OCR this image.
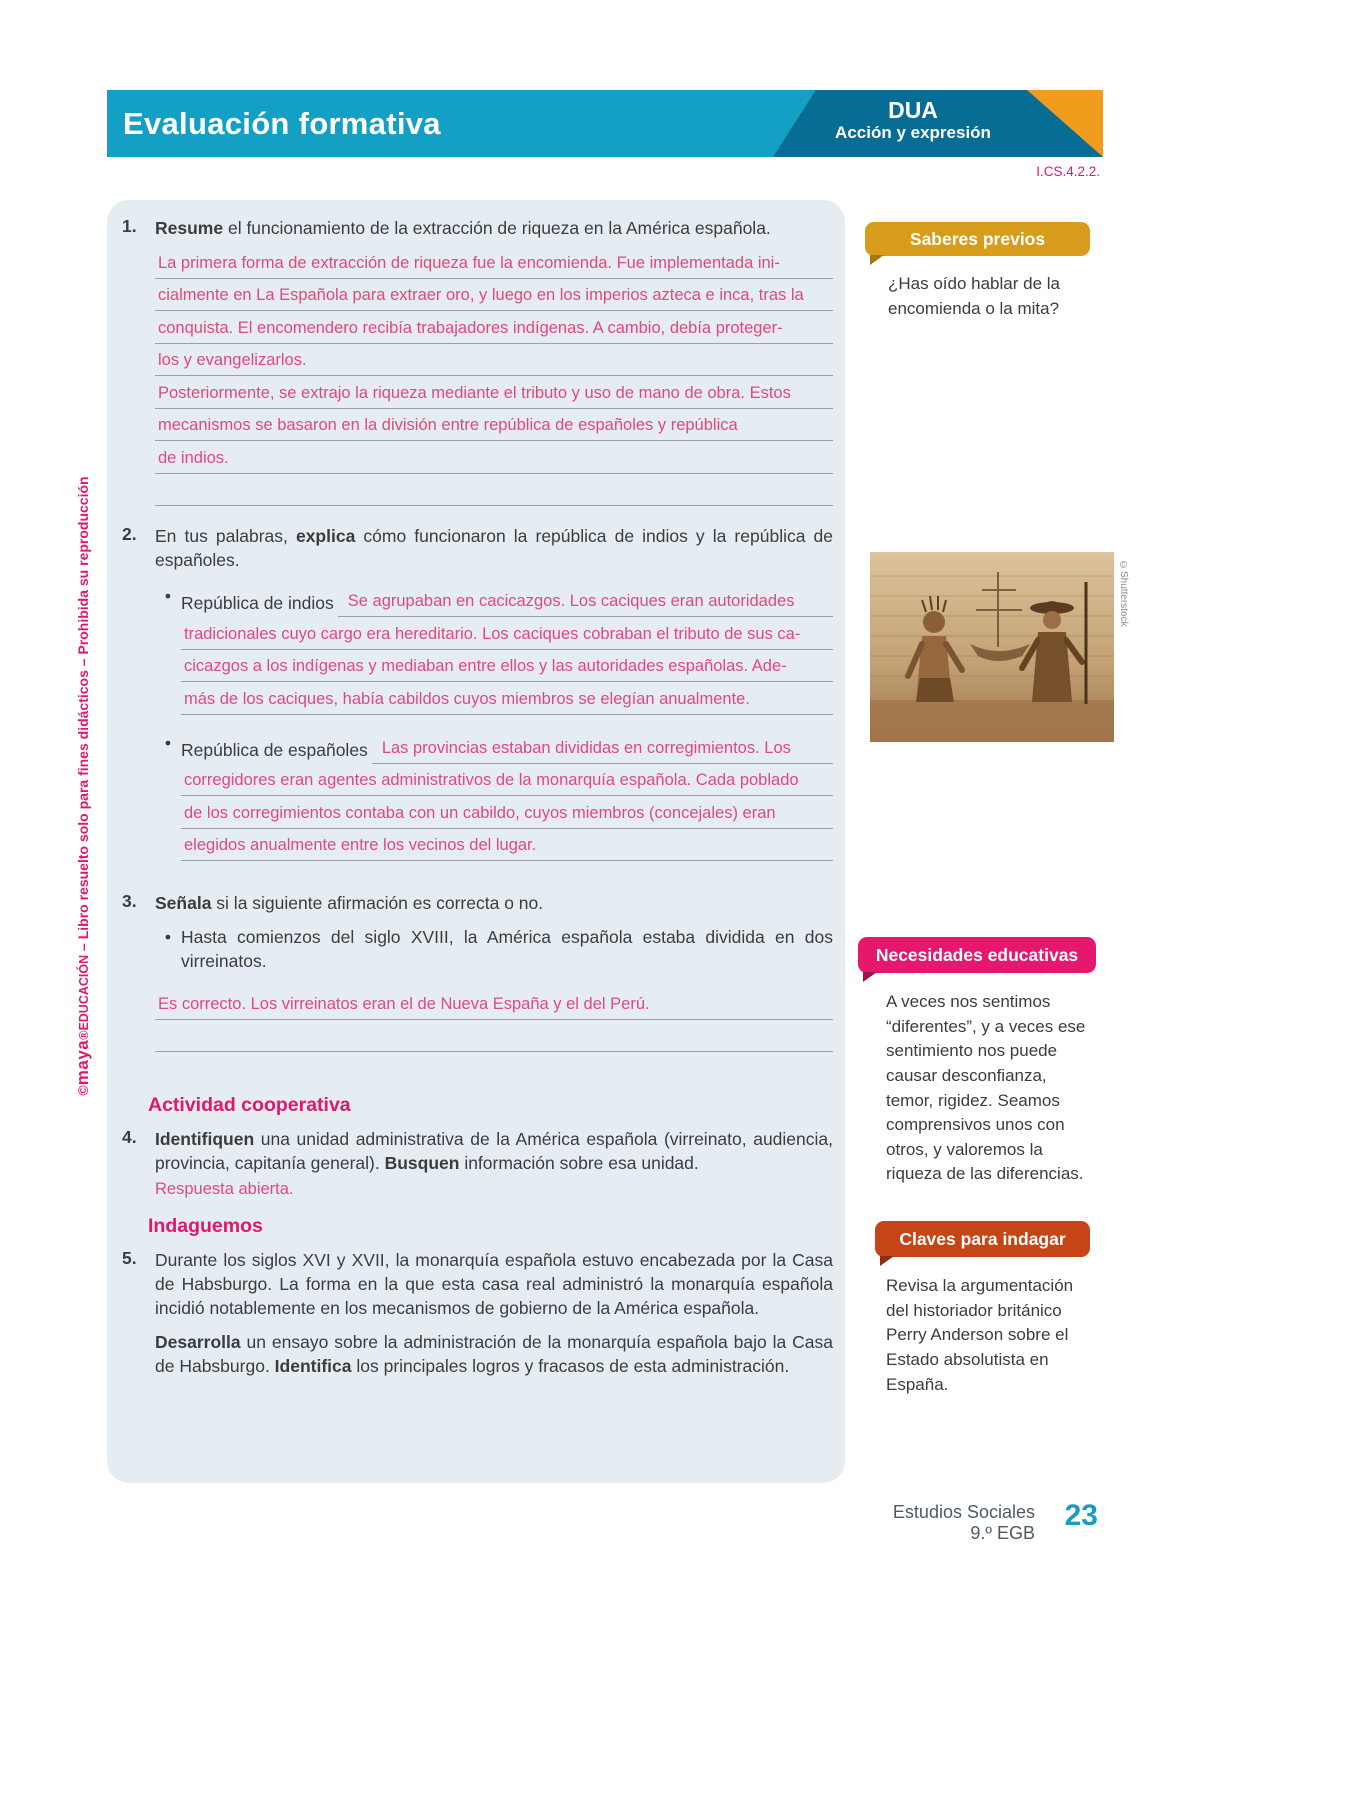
Evaluación formativa	DUA
Acción y expresión
I.CS.4.2.2.
©maya®EDUCACIÓN – Libro resuelto solo para fines didácticos – Prohibida su reproducción
1.	Resume el funcionamiento de la extracción de riqueza en la América española.
La primera forma de extracción de riqueza fue la encomienda. Fue implementada ini-
cialmente en La Española para extraer oro, y luego en los imperios azteca e inca, tras la
conquista. El encomendero recibía trabajadores indígenas. A cambio, debía proteger-
los y evangelizarlos.
Posteriormente, se extrajo la riqueza mediante el tributo y uso de mano de obra. Estos
mecanismos se basaron en la división entre república de españoles y república
de indios.
2.	En tus palabras, explica cómo funcionaron la república de indios y la república de españoles.
• República de indios Se agrupaban en cacicazgos. Los caciques eran autoridades
tradicionales cuyo cargo era hereditario. Los caciques cobraban el tributo de sus ca-
cicazgos a los indígenas y mediaban entre ellos y las autoridades españolas. Ade-
más de los caciques, había cabildos cuyos miembros se elegían anualmente.
• República de españoles Las provincias estaban divididas en corregimientos. Los
corregidores eran agentes administrativos de la monarquía española. Cada poblado
de los corregimientos contaba con un cabildo, cuyos miembros (concejales) eran
elegidos anualmente entre los vecinos del lugar.
3.	Señala si la siguiente afirmación es correcta o no.
• Hasta comienzos del siglo XVIII, la América española estaba dividida en dos virreinatos.
Es correcto. Los virreinatos eran el de Nueva España y el del Perú.
Actividad cooperativa
4.	Identifiquen una unidad administrativa de la América española (virreinato, audiencia, provincia, capitanía general). Busquen información sobre esa unidad.
Respuesta abierta.
Indaguemos
5.	Durante los siglos XVI y XVII, la monarquía española estuvo encabezada por la Casa de Habsburgo. La forma en la que esta casa real administró la monarquía española incidió notablemente en los mecanismos de gobierno de la América española.
Desarrolla un ensayo sobre la administración de la monarquía española bajo la Casa de Habsburgo. Identifica los principales logros y fracasos de esta administración.
Saberes previos
¿Has oído hablar de la encomienda o la mita?
©Shutterstock
Necesidades educativas
A veces nos sentimos “diferentes”, y a veces ese sentimiento nos puede causar desconfianza, temor, rigidez. Seamos comprensivos unos con otros, y valoremos la riqueza de las diferencias.
Claves para indagar
Revisa la argumentación del historiador británico Perry Anderson sobre el Estado absolutista en España.
Estudios Sociales
9.º EGB
23
